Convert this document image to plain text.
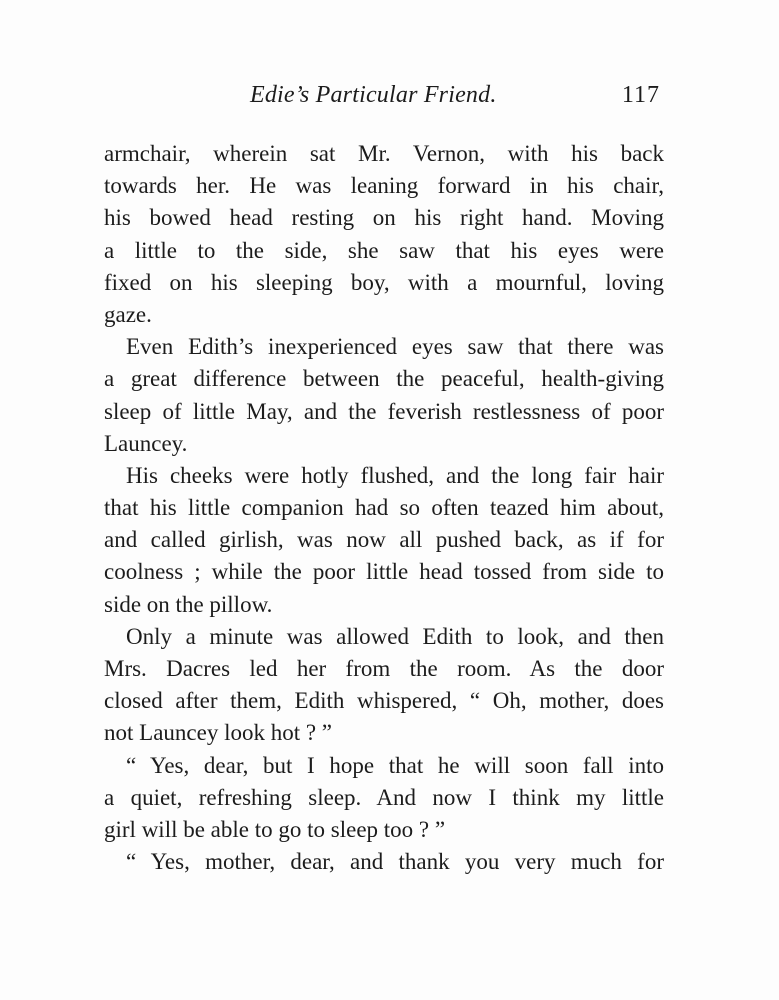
Edie’s Particular Friend.	117
armchair, wherein sat Mr. Vernon, with his back
towards her. He was leaning forward in his chair,
his bowed head resting on his right hand. Moving
a little to the side, she saw that his eyes were
fixed on his sleeping boy, with a mournful, loving
gaze.
Even Edith’s inexperienced eyes saw that there was
a great difference between the peaceful, health-giving
sleep of little May, and the feverish restlessness of poor
Launcey.
His cheeks were hotly flushed, and the long fair hair
that his little companion had so often teazed him about,
and called girlish, was now all pushed back, as if for
coolness ; while the poor little head tossed from side to
side on the pillow.
Only a minute was allowed Edith to look, and then
Mrs. Dacres led her from the room. As the door
closed after them, Edith whispered, “ Oh, mother, does
not Launcey look hot ? ”
“ Yes, dear, but I hope that he will soon fall into
a quiet, refreshing sleep. And now I think my little
girl will be able to go to sleep too ? ”
“ Yes, mother, dear, and thank you very much for
